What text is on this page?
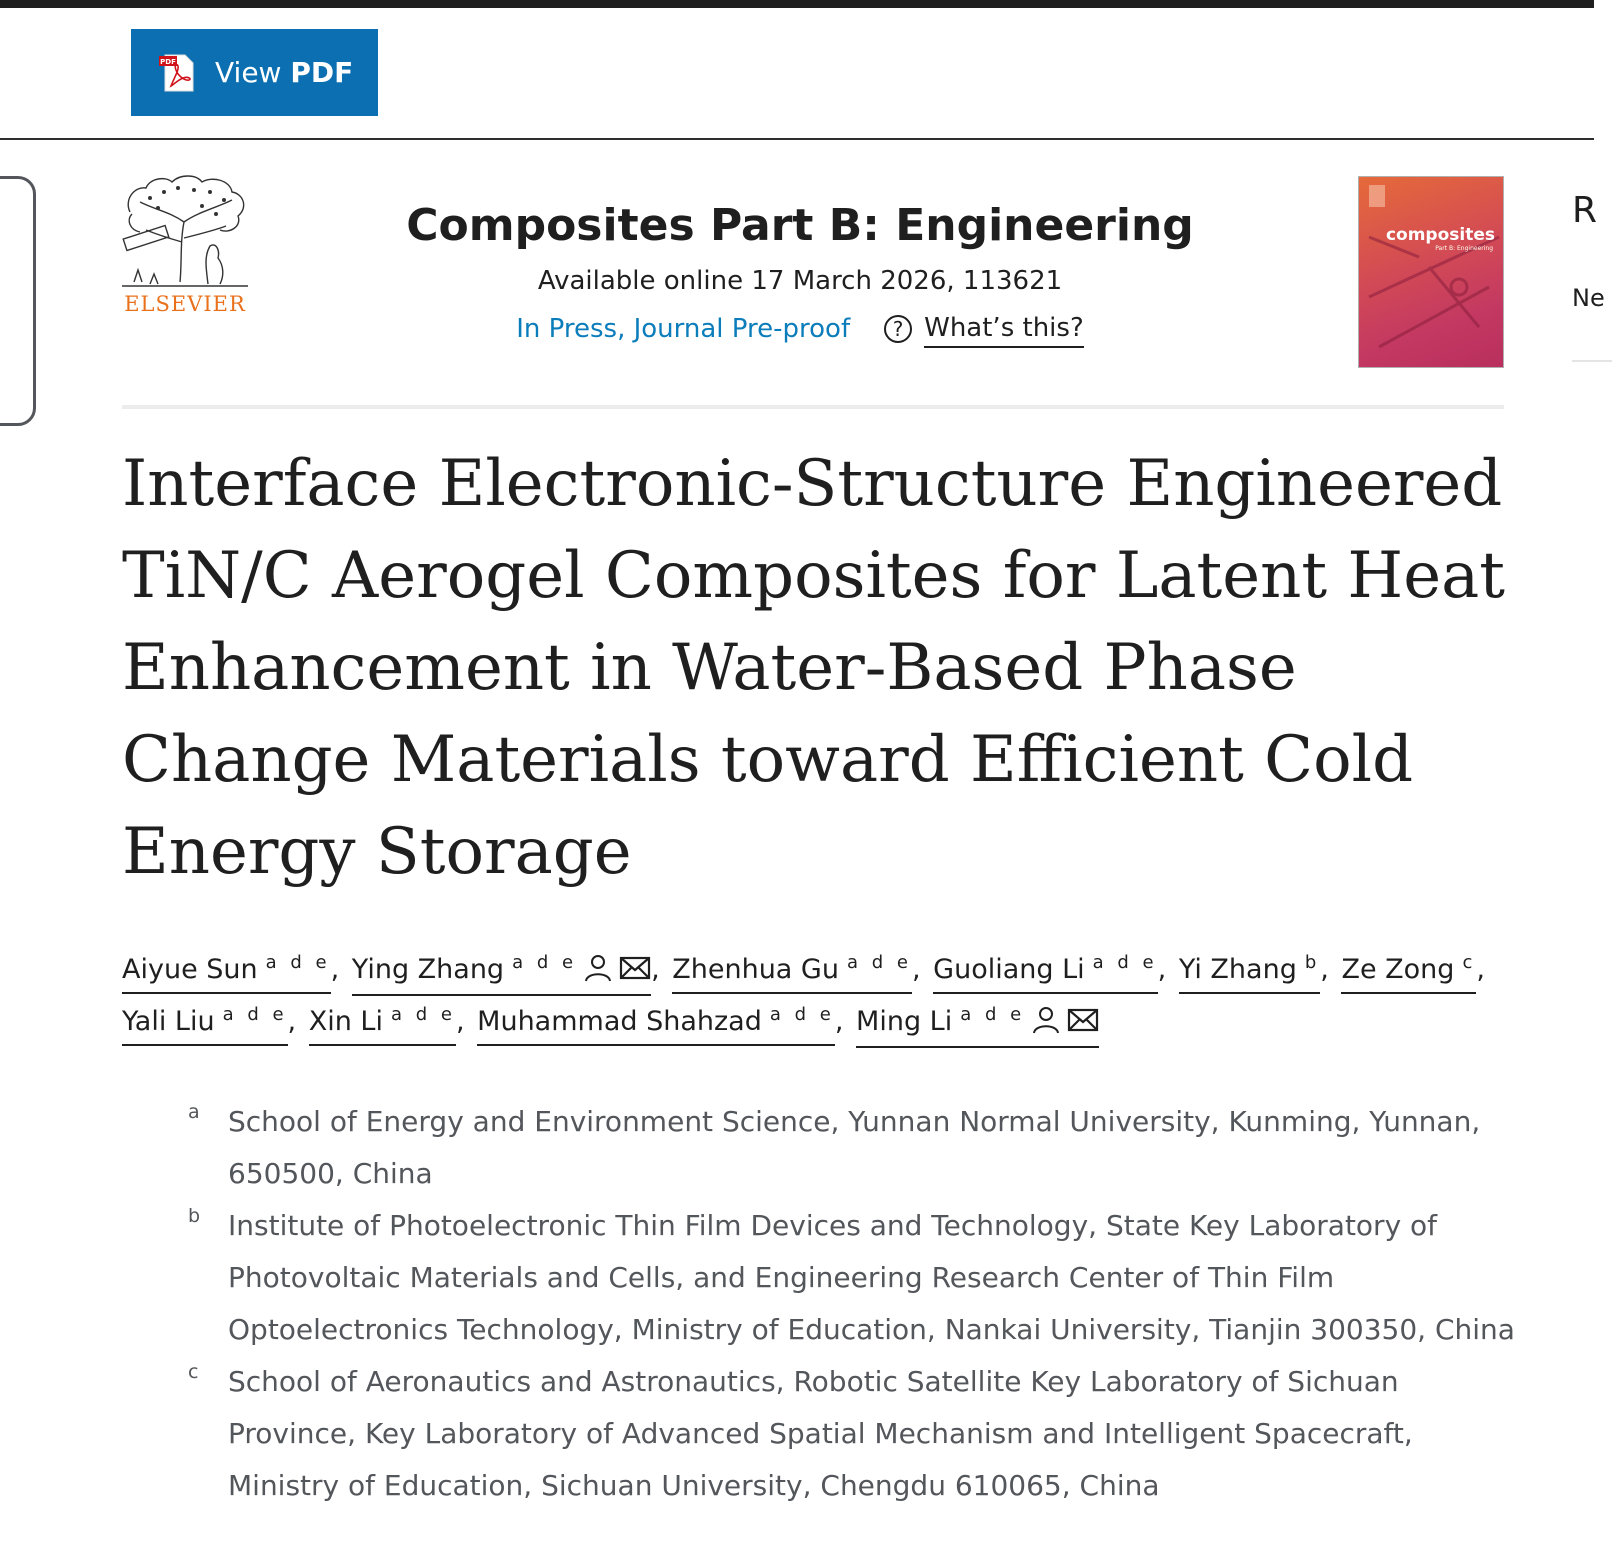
PDF View PDF
R
Ne
ELSEVIER
Composites Part B: Engineering
Available online 17 March 2026, 113621
In Press, Journal Pre-proof	? What’s this?
composites
Part B: Engineering
Interface Electronic-Structure Engineered TiN/C Aerogel Composites for Latent Heat Enhancement in Water-Based Phase Change Materials toward Efficient Cold Energy Storage
Aiyue Sun $^{a d e}$ , Ying Zhang $^{a d e}$	, Zhenhua Gu $^{a d e}$ , Guoliang Li $^{a d e}$ , Yi Zhang $^b$ , Ze Zong $^c$ ,
Yali Liu $^{a d e}$ , Xin Li $^{a d e}$ , Muhammad Shahzad $^{a d e}$ , Ming Li $^{a d e}$
a School of Energy and Environment Science, Yunnan Normal University, Kunming, Yunnan, 650500, China
b Institute of Photoelectronic Thin Film Devices and Technology, State Key Laboratory of Photovoltaic Materials and Cells, and Engineering Research Center of Thin Film Optoelectronics Technology, Ministry of Education, Nankai University, Tianjin 300350, China
c School of Aeronautics and Astronautics, Robotic Satellite Key Laboratory of Sichuan Province, Key Laboratory of Advanced Spatial Mechanism and Intelligent Spacecraft, Ministry of Education, Sichuan University, Chengdu 610065, China
